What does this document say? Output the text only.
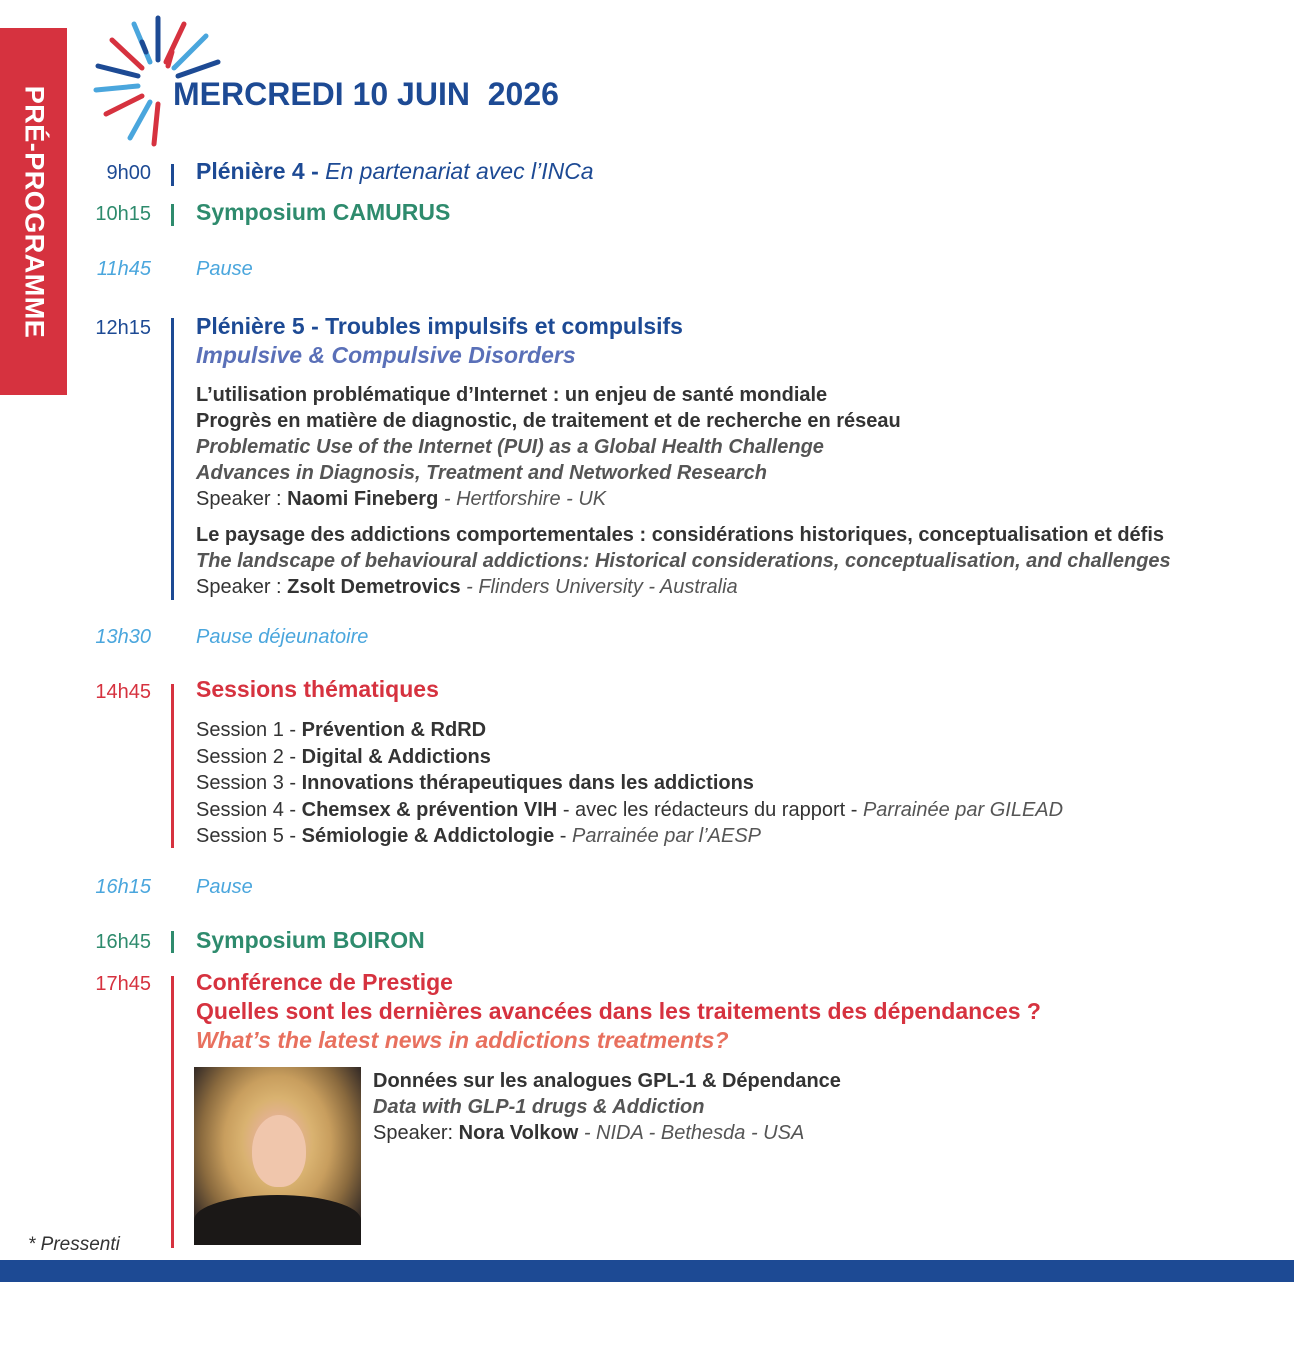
PRÉ-PROGRAMME	MERCREDI 10 JUIN  2026
9h00 Plénière 4 - En partenariat avec l’INCa
10h15 Symposium CAMURUS
11h45 Pause
12h15 Plénière 5 - Troubles impulsifs et compulsifs
Impulsive & Compulsive Disorders
L’utilisation problématique d’Internet : un enjeu de santé mondiale
Progrès en matière de diagnostic, de traitement et de recherche en réseau
Problematic Use of the Internet (PUI) as a Global Health Challenge
Advances in Diagnosis, Treatment and Networked Research
Speaker : Naomi Fineberg - Hertforshire - UK
Le paysage des addictions comportementales : considérations historiques, conceptualisation et défis
The landscape of behavioural addictions: Historical considerations, conceptualisation, and challenges
Speaker : Zsolt Demetrovics - Flinders University - Australia
13h30 Pause déjeunatoire
14h45 Sessions thématiques
Session 1 - Prévention & RdRD
Session 2 - Digital & Addictions
Session 3 - Innovations thérapeutiques dans les addictions
Session 4 - Chemsex & prévention VIH - avec les rédacteurs du rapport - Parrainée par GILEAD
Session 5 - Sémiologie & Addictologie - Parrainée par l’AESP
16h15 Pause
16h45 Symposium BOIRON
17h45 Conférence de Prestige
Quelles sont les dernières avancées dans les traitements des dépendances ?
What’s the latest news in addictions treatments?
Données sur les analogues GPL-1 & Dépendance
Data with GLP-1 drugs & Addiction
Speaker: Nora Volkow - NIDA - Bethesda - USA
* Pressenti
